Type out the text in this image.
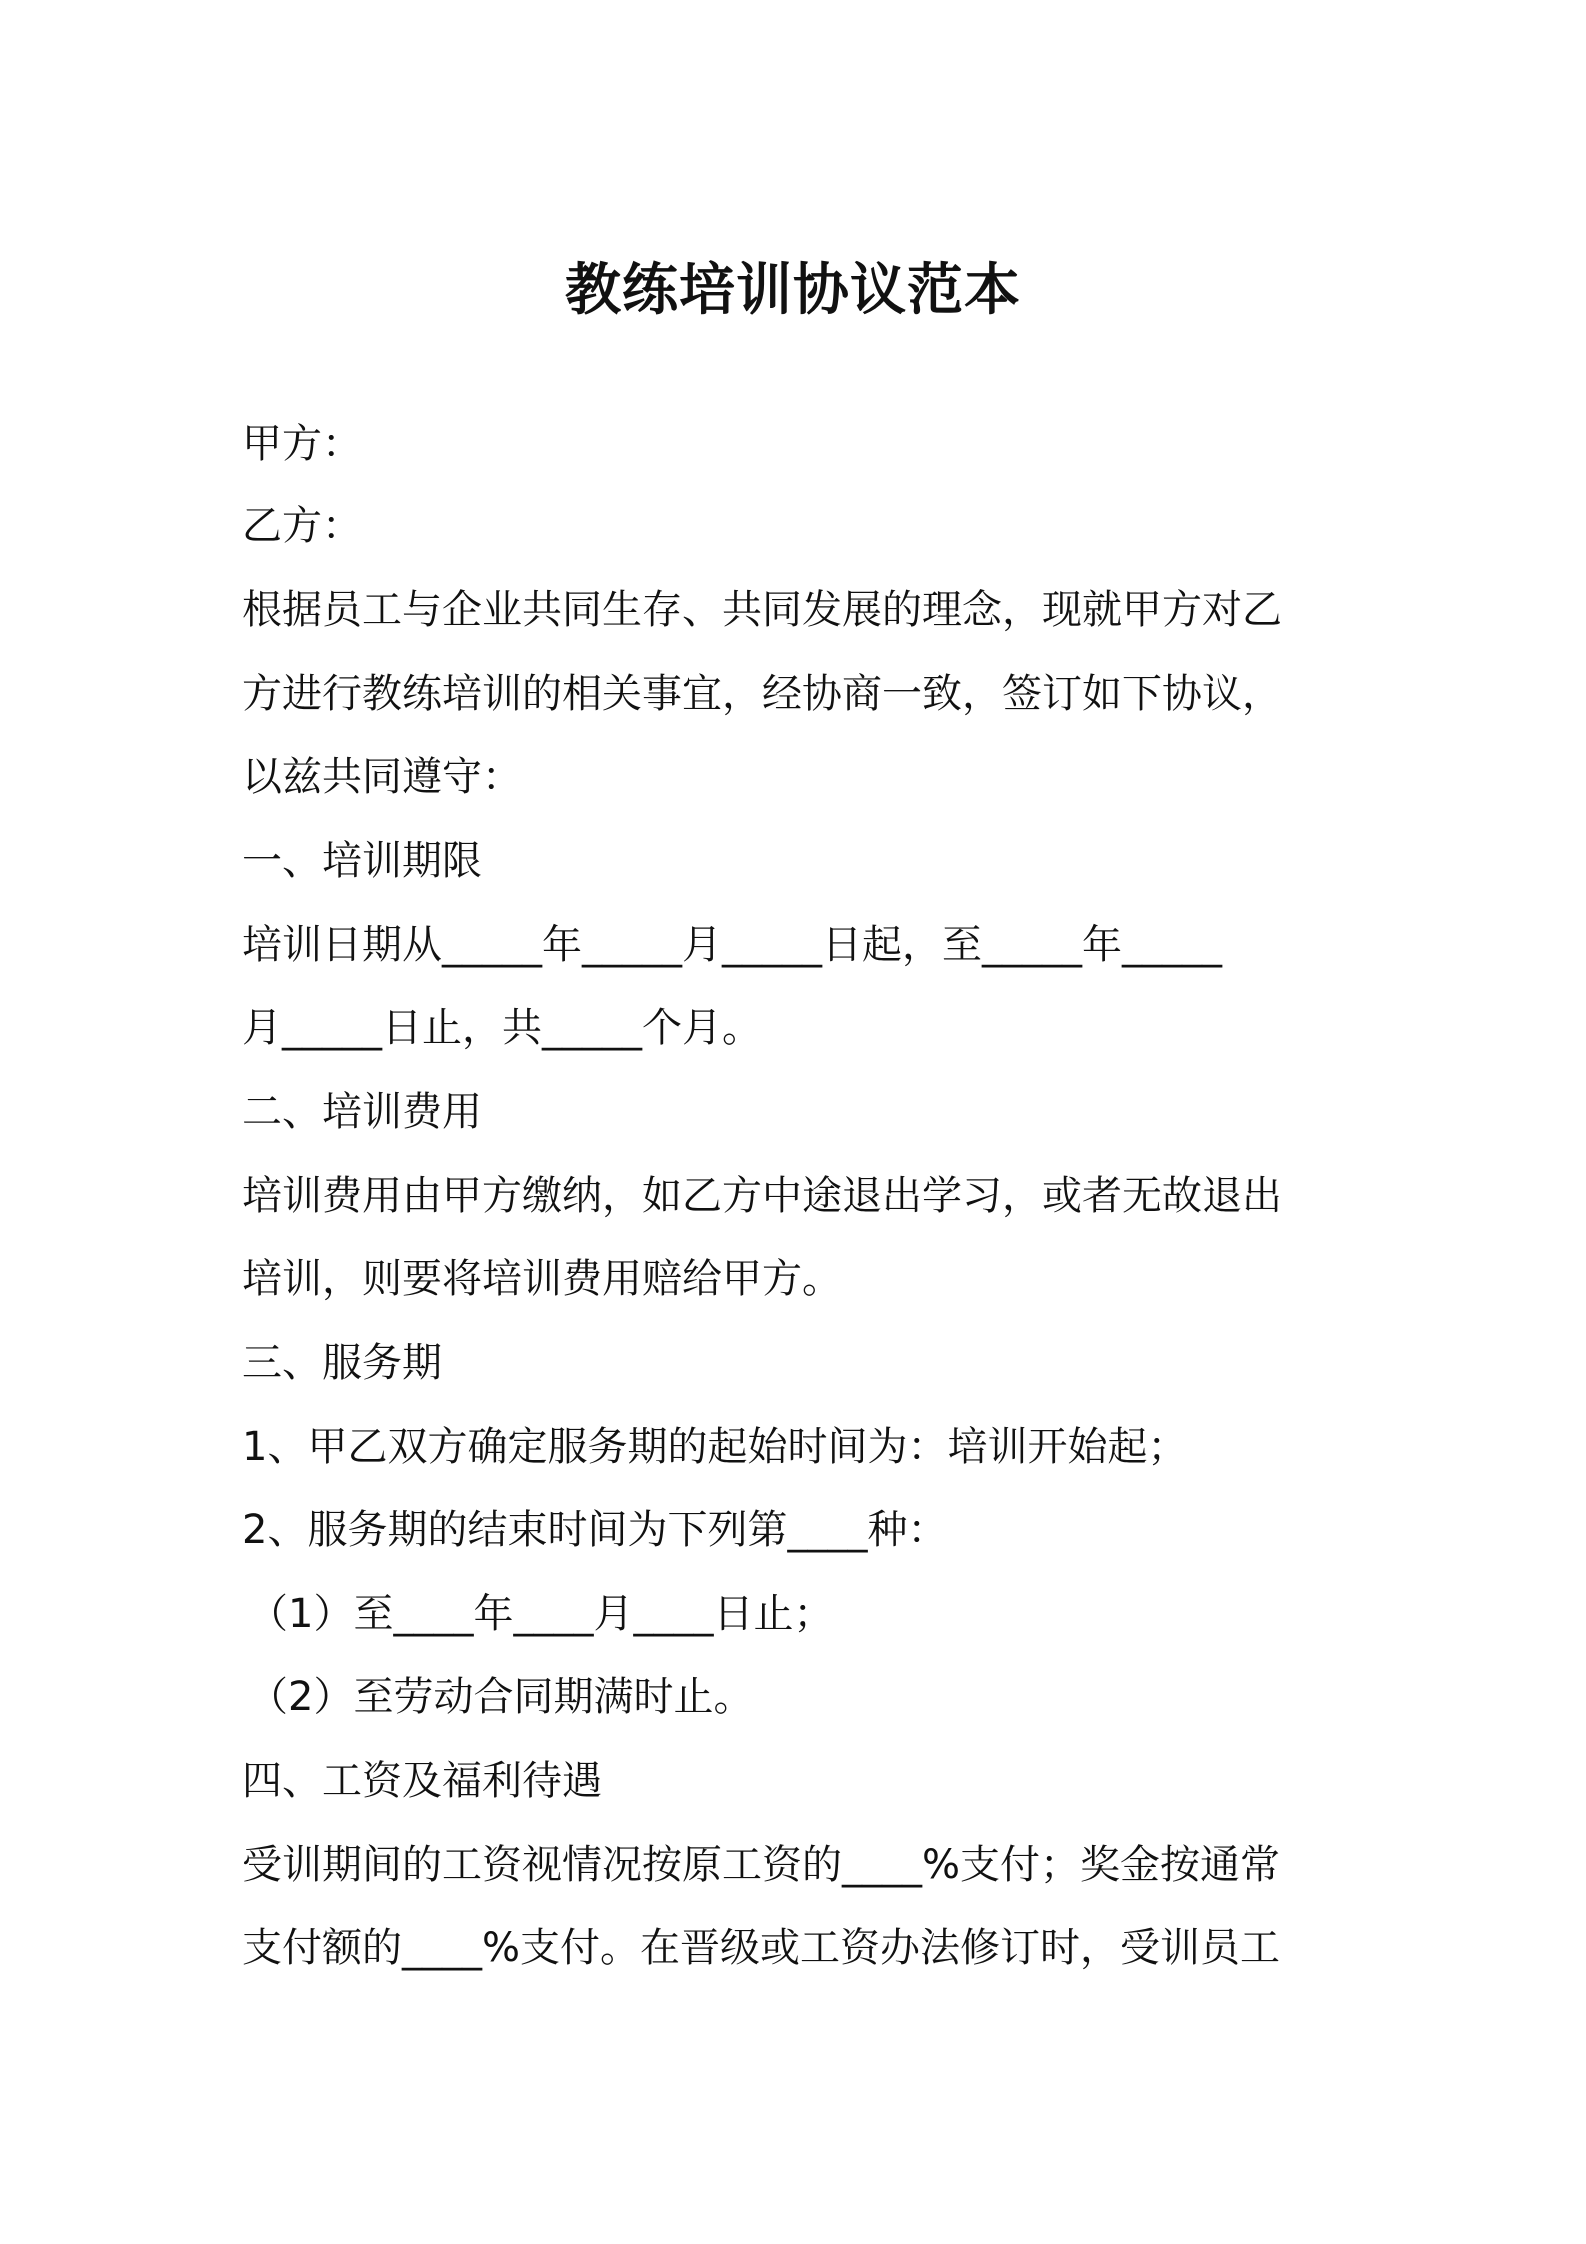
教练培训协议范本
甲方：
乙方：
根据员工与企业共同生存、共同发展的理念，现就甲方对乙
方进行教练培训的相关事宜，经协商一致，签订如下协议，
以兹共同遵守：
一、培训期限
培训日期从_____年_____月_____日起，至_____年_____
月_____日止，共_____个月。
二、培训费用
培训费用由甲方缴纳，如乙方中途退出学习，或者无故退出
培训，则要将培训费用赔给甲方。
三、服务期
1、甲乙双方确定服务期的起始时间为：培训开始起；
2、服务期的结束时间为下列第____种：
（1）至____年____月____日止；
（2）至劳动合同期满时止。
四、工资及福利待遇
受训期间的工资视情况按原工资的____%支付；奖金按通常
支付额的____%支付。在晋级或工资办法修订时，受训员工
